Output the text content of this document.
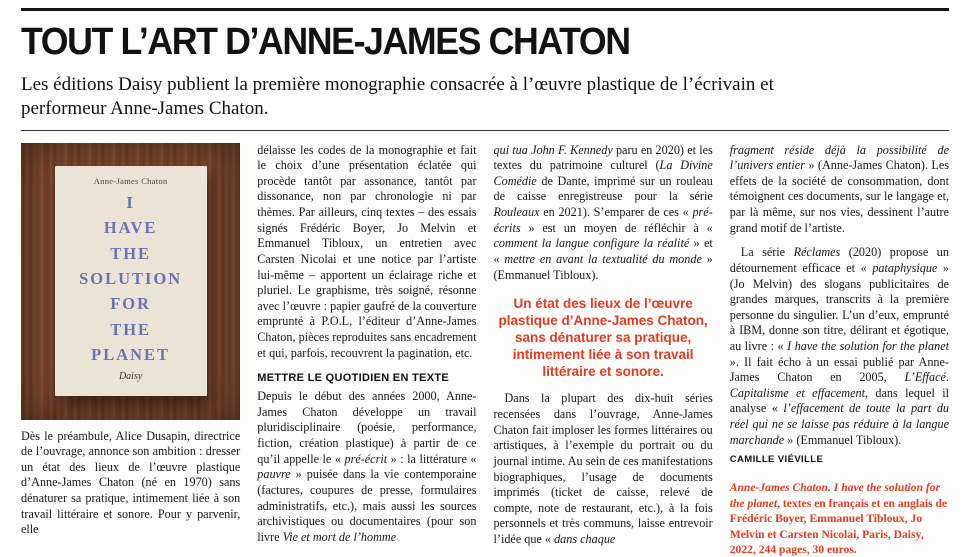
TOUT L’ART D’ANNE-JAMES CHATON

Les éditions Daisy publient la première monographie consacrée à l’œuvre plastique de l’écrivain et performeur Anne-James Chaton.

Anne-James Chaton
I
HAVE
THE
SOLUTION
FOR
THE
PLANET
Daisy

Dès le préambule, Alice Dusapin, directrice de l’ouvrage, annonce son ambition : dresser un état des lieux de l’œuvre plastique d’Anne-James Chaton (né en 1970) sans dénaturer sa pratique, intimement liée à son travail littéraire et sonore. Pour y parvenir, elle

délaisse les codes de la monographie et fait le choix d’une présentation éclatée qui procède tantôt par assonance, tantôt par dissonance, non par chronologie ni par thèmes. Par ailleurs, cinq textes – des essais signés Frédéric Boyer, Jo Melvin et Emmanuel Tibloux, un entretien avec Carsten Nicolai et une notice par l’artiste lui-même – apportent un éclairage riche et pluriel. Le graphisme, très soigné, résonne avec l’œuvre : papier gaufré de la couverture emprunté à P.O.L, l’éditeur d’Anne-James Chaton, pièces reproduites sans encadrement et qui, parfois, recouvrent la pagination, etc.

METTRE LE QUOTIDIEN EN TEXTE

Depuis le début des années 2000, Anne-James Chaton développe un travail pluridisciplinaire (poésie, performance, fiction, création plastique) à partir de ce qu’il appelle le « pré-écrit » : la littérature « pauvre » puisée dans la vie contemporaine (factures, coupures de presse, formulaires administratifs, etc.), mais aussi les sources archivistiques ou documentaires (pour son livre Vie et mort de l’homme

qui tua John F. Kennedy paru en 2020) et les textes du patrimoine culturel (La Divine Comédie de Dante, imprimé sur un rouleau de caisse enregistreuse pour la série Rouleaux en 2021). S’emparer de ces « pré-écrits » est un moyen de réfléchir à « comment la langue configure la réalité » et « mettre en avant la textualité du monde » (Emmanuel Tibloux).

Un état des lieux de l’œuvre plastique d’Anne-James Chaton, sans dénaturer sa pratique, intimement liée à son travail littéraire et sonore.

Dans la plupart des dix-huit séries recensées dans l’ouvrage, Anne-James Chaton fait imploser les formes littéraires ou artistiques, à l’exemple du portrait ou du journal intime. Au sein de ces manifestations biographiques, l’usage de documents imprimés (ticket de caisse, relevé de compte, note de restaurant, etc.), à la fois personnels et très communs, laisse entrevoir l’idée que « dans chaque

fragment réside déjà la possibilité de l’univers entier » (Anne-James Chaton). Les effets de la société de consommation, dont témoignent ces documents, sur le langage et, par là même, sur nos vies, dessinent l’autre grand motif de l’artiste.

La série Réclames (2020) propose un détournement efficace et « pataphysique » (Jo Melvin) des slogans publicitaires de grandes marques, transcrits à la première personne du singulier. L’un d’eux, emprunté à IBM, donne son titre, délirant et égotique, au livre : « I have the solution for the planet ». Il fait écho à un essai publié par Anne-James Chaton en 2005, L’Effacé. Capitalisme et effacement, dans lequel il analyse « l’effacement de toute la part du réel qui ne se laisse pas réduire à la langue marchande » (Emmanuel Tibloux).

CAMILLE VIÉVILLE

Anne-James Chaton. I have the solution for the planet, textes en français et en anglais de Frédéric Boyer, Emmanuel Tibloux, Jo Melvin et Carsten Nicolai, Paris, Daisy, 2022, 244 pages, 30 euros.
